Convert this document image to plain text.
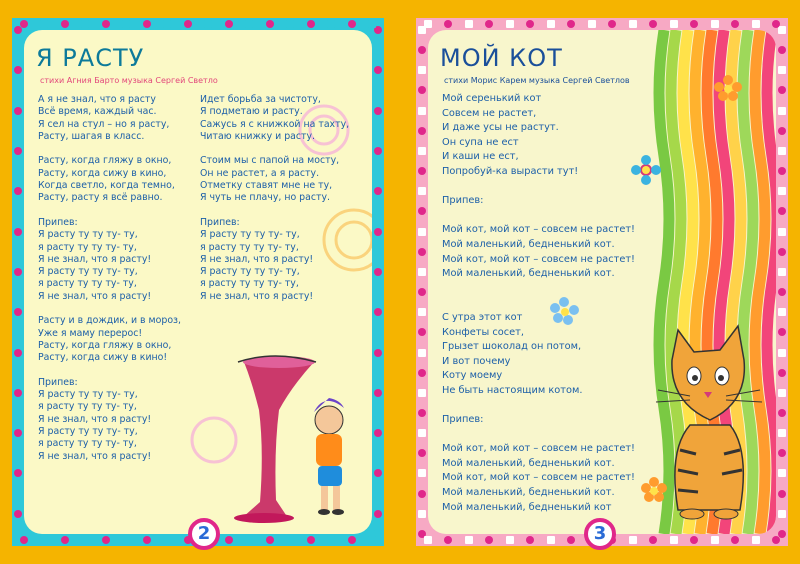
Я РАСТУ
стихи Агния Барто музыка Сергей Светло
А я не знал, что я расту
Всё время, каждый час.
Я сел на стул – но я расту,
Расту, шагая в класс.

Расту, когда гляжу в окно,
Расту, когда сижу в кино,
Когда светло, когда темно,
Расту, расту я всё равно.

Припев:
Я расту ту ту ту- ту,
я расту ту ту ту- ту,
Я не знал, что я расту!
Я расту ту ту ту- ту,
я расту ту ту ту- ту,
Я не знал, что я расту!

Расту и в дождик, и в мороз,
Уже я маму перерос!
Расту, когда гляжу в окно,
Расту, когда сижу в кино!

Припев:
Я расту ту ту ту- ту,
я расту ту ту ту- ту,
Я не знал, что я расту!
Я расту ту ту ту- ту,
я расту ту ту ту- ту,
Я не знал, что я расту!
Идет борьба за чистоту,
Я подметаю и расту.
Сажусь я с книжкой на тахту,
Читаю книжку и расту.

Стоим мы с папой на мосту,
Он не растет, а я расту.
Отметку ставят мне не ту,
Я чуть не плачу, но расту.

Припев:
Я расту ту ту ту- ту,
я расту ту ту ту- ту,
Я не знал, что я расту!
Я расту ту ту ту- ту,
я расту ту ту ту- ту,
Я не знал, что я расту!
2
МОЙ КОТ
стихи Морис Карем музыка Сергей Светлов
Мой серенький кот
Совсем не растет,
И даже усы не растут.
Он супа не ест
И каши не ест,
Попробуй-ка вырасти тут!

Припев:

Мой кот, мой кот – совсем не растет!
Мой маленький, бедненький кот.
Мой кот, мой кот – совсем не растет!
Мой маленький, бедненький кот.

С утра этот кот
Конфеты сосет,
Грызет шоколад он потом,
И вот почему
Коту моему
Не быть настоящим котом.

Припев:

Мой кот, мой кот – совсем не растет!
Мой маленький, бедненький кот.
Мой кот, мой кот – совсем не растет!
Мой маленький, бедненький кот.
Мой маленький, бедненький кот
3
